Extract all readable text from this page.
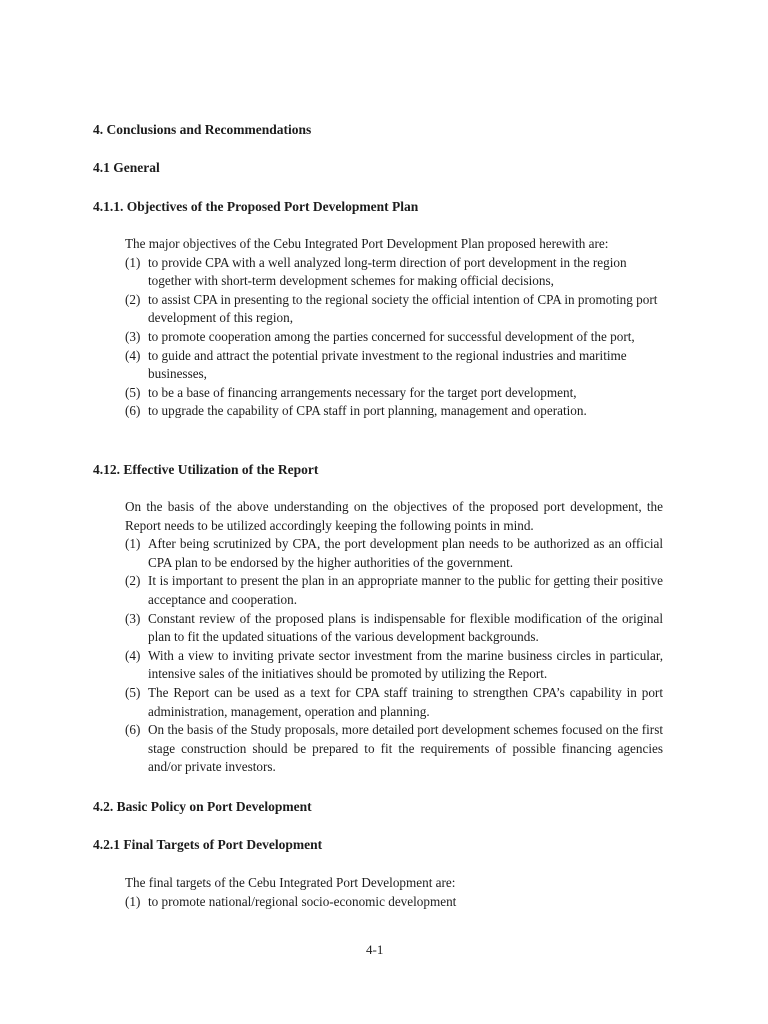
4. Conclusions and Recommendations
4.1 General
4.1.1. Objectives of the Proposed Port Development Plan

The major objectives of the Cebu Integrated Port Development Plan proposed herewith are:

(1) to provide CPA with a well analyzed long-term direction of port development in the region together with short-term development schemes for making official decisions,
(2) to assist CPA in presenting to the regional society the official intention of CPA in promoting port development of this region,
(3) to promote cooperation among the parties concerned for successful development of the port,
(4) to guide and attract the potential private investment to the regional industries and maritime businesses,
(5) to be a base of financing arrangements necessary for the target port development,
(6) to upgrade the capability of CPA staff in port planning, management and operation.
4.12. Effective Utilization of the Report

On the basis of the above understanding on the objectives of the proposed port development, the Report needs to be utilized accordingly keeping the following points in mind.

(1) After being scrutinized by CPA, the port development plan needs to be authorized as an official CPA plan to be endorsed by the higher authorities of the government.
(2) It is important to present the plan in an appropriate manner to the public for getting their positive acceptance and cooperation.
(3) Constant review of the proposed plans is indispensable for flexible modification of the original plan to fit the updated situations of the various development backgrounds.
(4) With a view to inviting private sector investment from the marine business circles in particular, intensive sales of the initiatives should be promoted by utilizing the Report.
(5) The Report can be used as a text for CPA staff training to strengthen CPA’s capability in port administration, management, operation and planning.
(6) On the basis of the Study proposals, more detailed port development schemes focused on the first stage construction should be prepared to fit the requirements of possible financing agencies and/or private investors.
4.2. Basic Policy on Port Development
4.2.1 Final Targets of Port Development

The final targets of the Cebu Integrated Port Development are:

(1) to promote national/regional socio-economic development
4-1
